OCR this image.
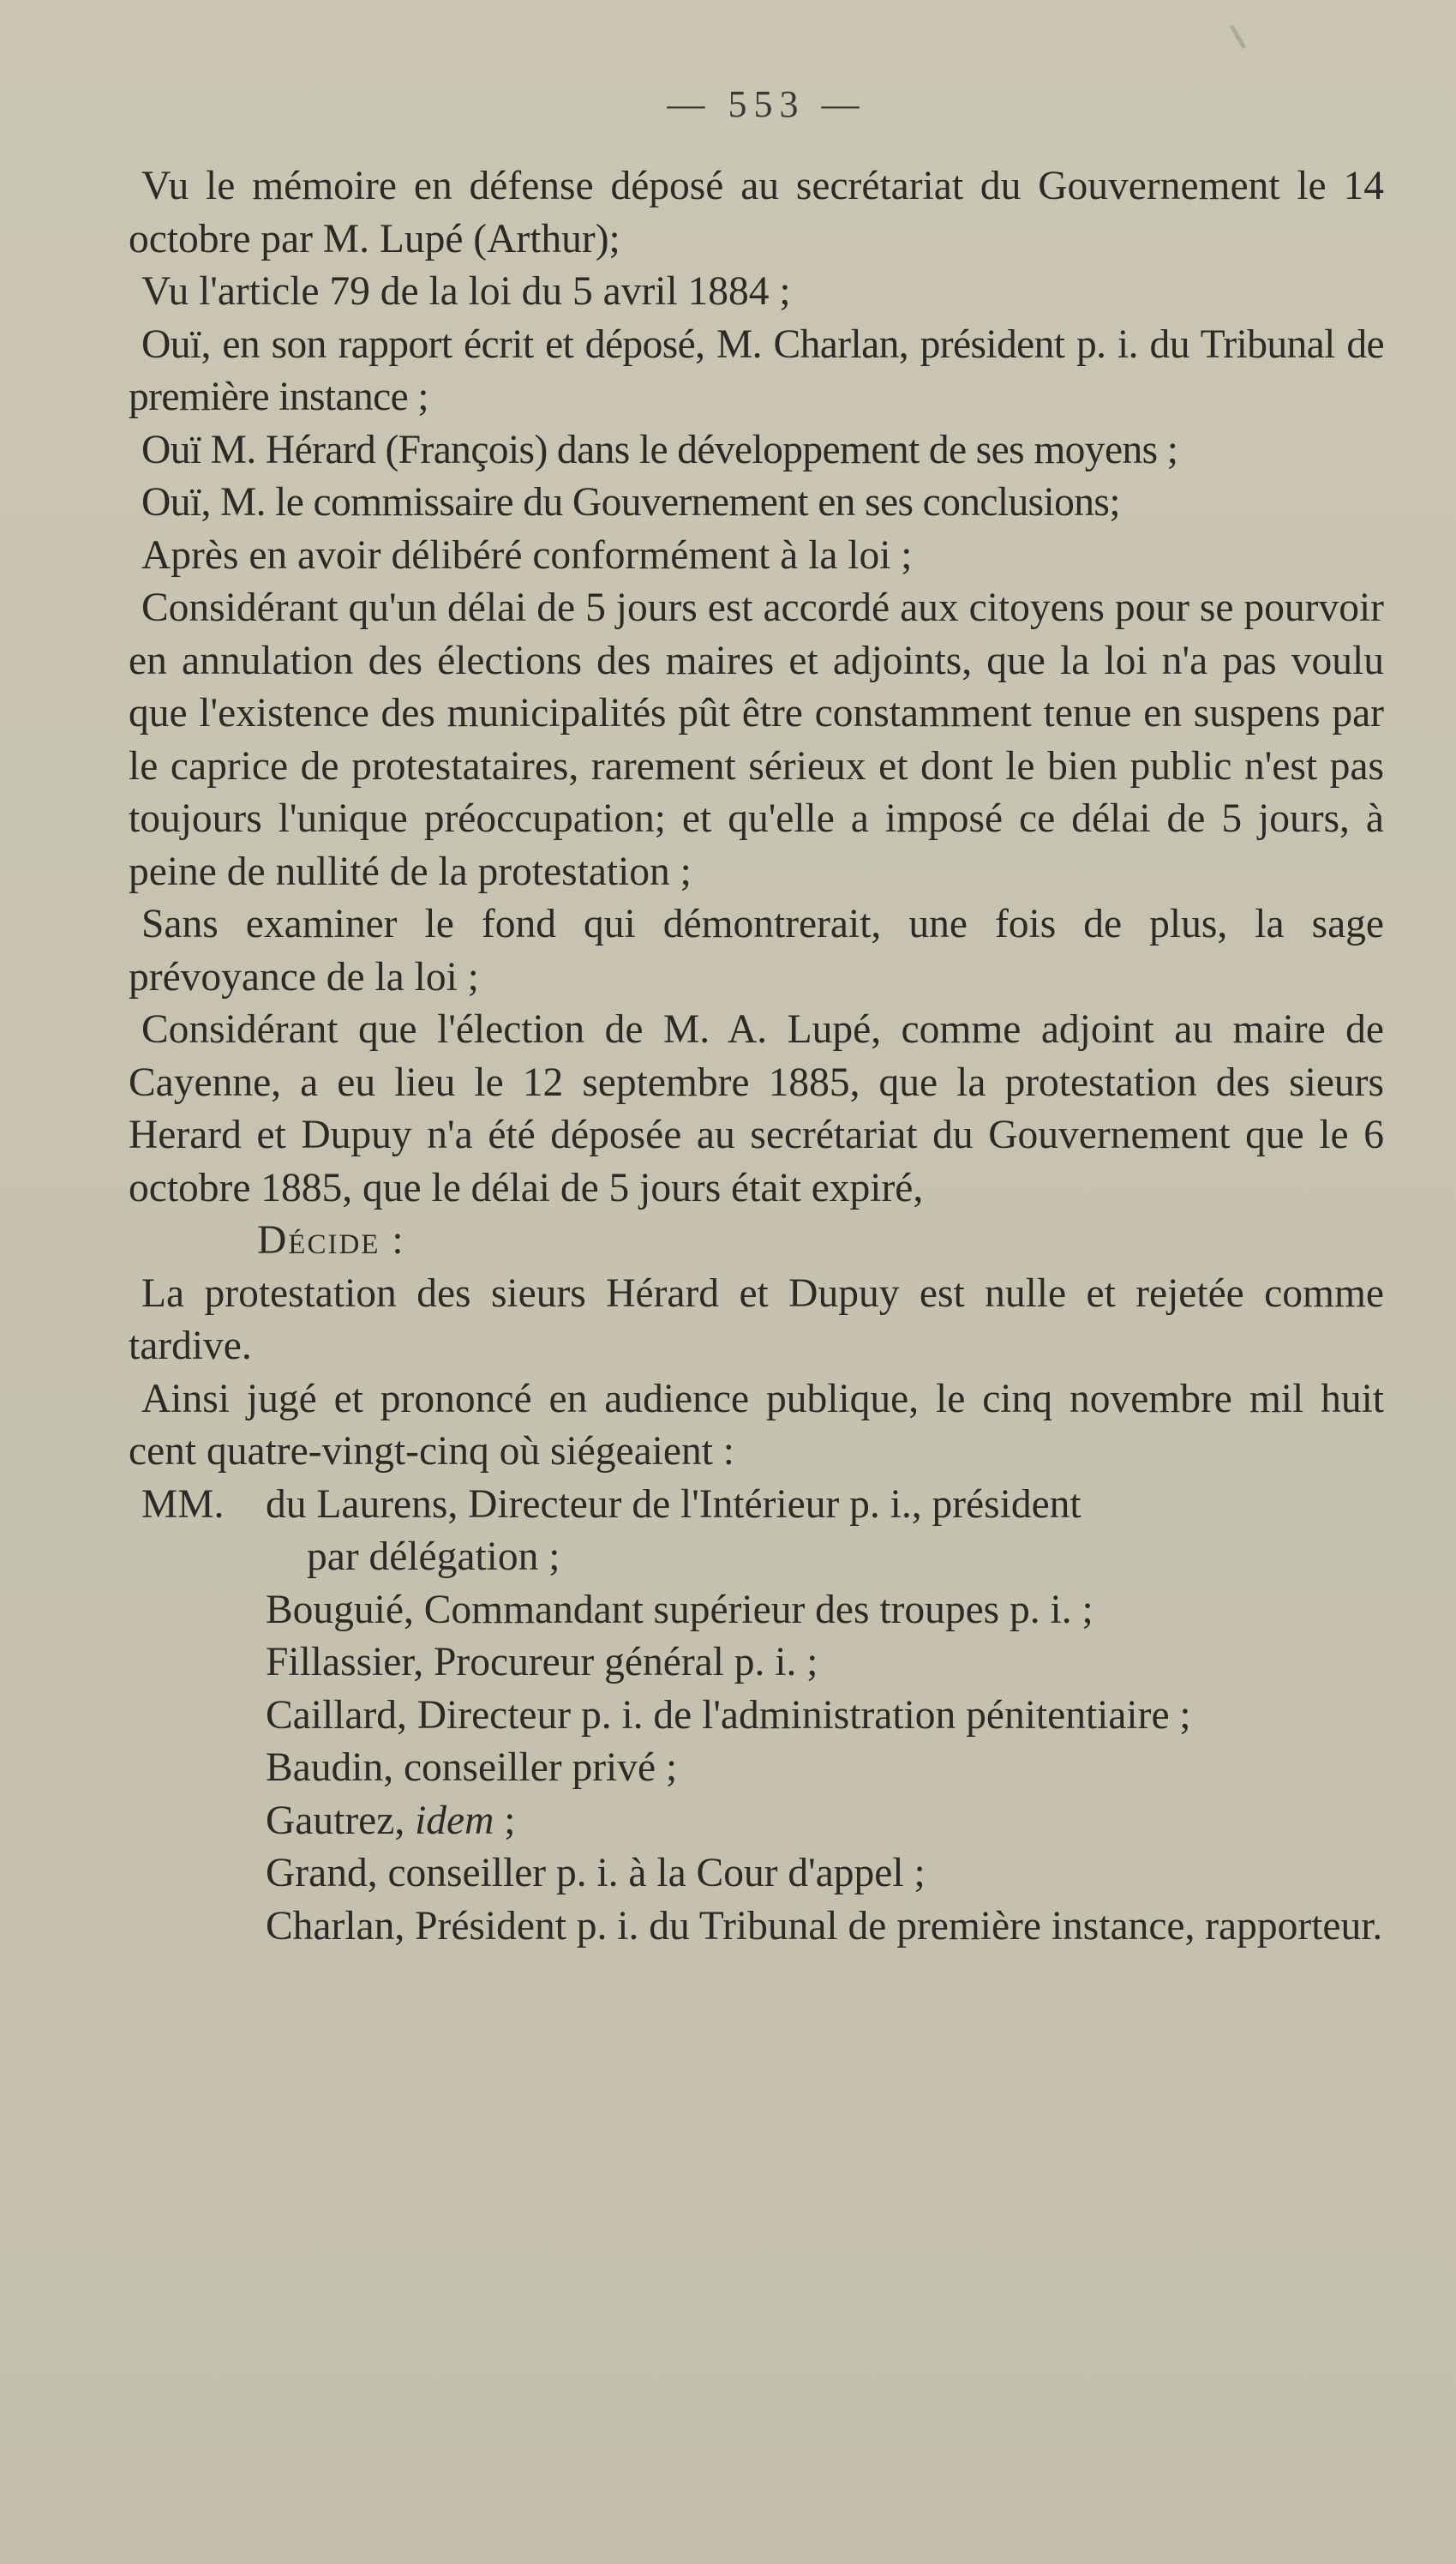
— 553 —

Vu le mémoire en défense déposé au secrétariat du Gouvernement le 14 octobre par M. Lupé (Arthur);

Vu l'article 79 de la loi du 5 avril 1884 ;

Ouï, en son rapport écrit et déposé, M. Charlan, président p. i. du Tribunal de première instance ;

Ouï M. Hérard (François) dans le développement de ses moyens ;

Ouï, M. le commissaire du Gouvernement en ses conclusions;

Après en avoir délibéré conformément à la loi ;

Considérant qu'un délai de 5 jours est accordé aux citoyens pour se pourvoir en annulation des élections des maires et adjoints, que la loi n'a pas voulu que l'existence des municipalités pût être constamment tenue en suspens par le caprice de protestataires, rarement sérieux et dont le bien public n'est pas toujours l'unique préoccupation; et qu'elle a imposé ce délai de 5 jours, à peine de nullité de la protestation ;

Sans examiner le fond qui démontrerait, une fois de plus, la sage prévoyance de la loi ;

Considérant que l'élection de M. A. Lupé, comme adjoint au maire de Cayenne, a eu lieu le 12 septembre 1885, que la protestation des sieurs Herard et Dupuy n'a été déposée au secrétariat du Gouvernement que le 6 octobre 1885, que le délai de 5 jours était expiré,

Décide :

La protestation des sieurs Hérard et Dupuy est nulle et rejetée comme tardive.

Ainsi jugé et prononcé en audience publique, le cinq novembre mil huit cent quatre-vingt-cinq où siégeaient :

MM. du Laurens, Directeur de l'Intérieur p. i., président
par délégation ;

Bouguié, Commandant supérieur des troupes p. i. ;

Fillassier, Procureur général p. i. ;

Caillard, Directeur p. i. de l'administration pénitentiaire ;

Baudin, conseiller privé ;

Gautrez, idem ;

Grand, conseiller p. i. à la Cour d'appel ;

Charlan, Président p. i. du Tribunal de première instance, rapporteur.
